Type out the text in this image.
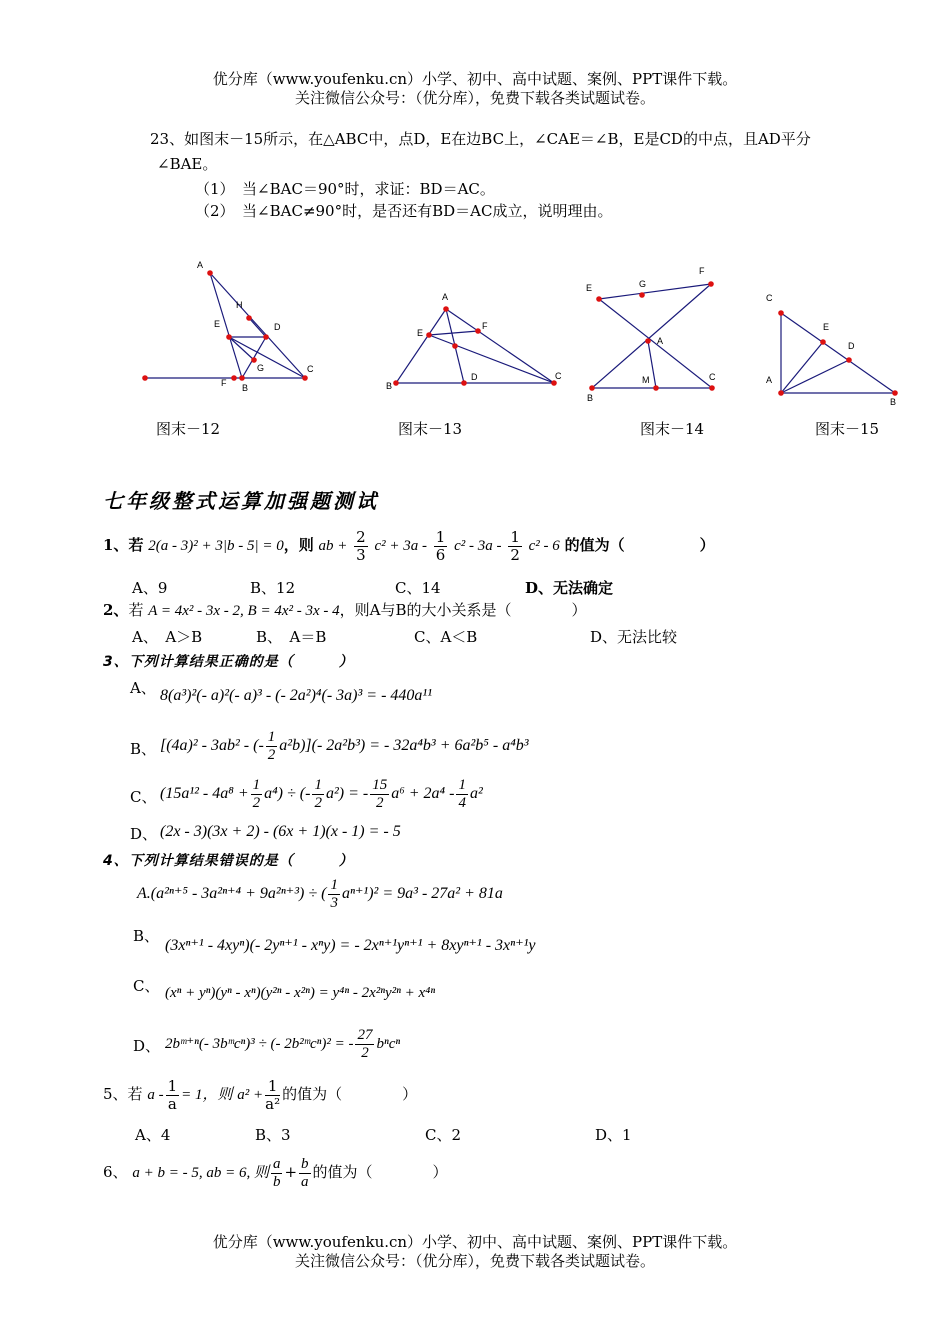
优分库（www.youfenku.cn）小学、初中、高中试题、案例、PPT课件下载。
关注微信公众号：（优分库），免费下载各类试题试卷。
23、如图末－15所示，在△ABC中，点D，E在边BC上，∠CAE＝∠B，E是CD的中点，且AD平分
∠BAE。
（1）　当∠BAC＝90°时，求证：BD＝AC。
（2）　当∠BAC≠90°时，是否还有BD＝AC成立，说明理由。
A
H
E	D
G	C
F B
A
E
F
D
B
C
E	G
F
A
M	C
B
C
E
D
A
B
图末－12	图末－13	图末－14	图末－15
七年级整式运算加强题测试
1、若 2(a - 3)² + 3|b - 5| = 0，则 ab + $\frac{2}{3} c^2 + 3a - \frac{1}{6} c^2 - 3a - \frac{1}{2} c^2 - 6$ 的值为（　　　　　）
A、9	B、12	C、14	D、无法确定
2、若 A = 4x² - 3x - 2, B = 4x² - 3x - 4，则A与B的大小关系是（　　　　）
A、　A＞B	B、　A＝B	C、A＜B	D、无法比较
3、下列计算结果正确的是（　　　）
A、 8(a³)²(- a)²(- a)³ - (- 2a²)⁴(- 3a)³ = - 440a¹¹
B、 [(4a)² - 3ab² - (- $\frac{1}{2} a^2b)](-$ 2a²b³) = - 32a⁴b³ + 6a²b⁵ - a⁴b³
C、 $(15a^{12} - 4a^8 + \frac{1}{2} a^4)$ ÷ (- $\frac{1}{2} a^2$) = - $\frac{15}{2} a^6 + 2a^4 - \frac{1}{4} a^2$
D、 (2x - 3)(3x + 2) - (6x + 1)(x - 1) = - 5
4、下列计算结果错误的是（　　　）
A.(a²ⁿ⁺⁵ - 3a²ⁿ⁺⁴ + 9a²ⁿ⁺³) ÷ ( $\frac{1}{3} a^{n+1})^2 = 9a^3 - 27a^2 + 81a$
B、
(3xⁿ⁺¹ - 4xyⁿ)(- 2yⁿ⁺¹ - xⁿy) = - 2xⁿ⁺¹yⁿ⁺¹ + 8xyⁿ⁺¹ - 3xⁿ⁺¹y
C、 (xⁿ + yⁿ)(yⁿ - xⁿ)(y²ⁿ - x²ⁿ) = y⁴ⁿ - 2x²ⁿy²ⁿ + x⁴ⁿ
D、 2bᵐ⁺ⁿ(- 3bᵐcⁿ)³ ÷ (- 2b²ᵐcⁿ)² = - $\frac{27}{2}$ bⁿcⁿ
5、若 $a - \frac{1}{a} = 1$，则 $a^2 + \frac{1}{\text{a²}}$ 的值为（　　　　）
A、4	B、3	C、2	D、1
6、 a + b = - 5, ab = 6, 则 $\frac{a}{b} + \frac{b}{a}$ 的值为（　　　　）
优分库（www.youfenku.cn）小学、初中、高中试题、案例、PPT课件下载。
关注微信公众号：（优分库），免费下载各类试题试卷。
